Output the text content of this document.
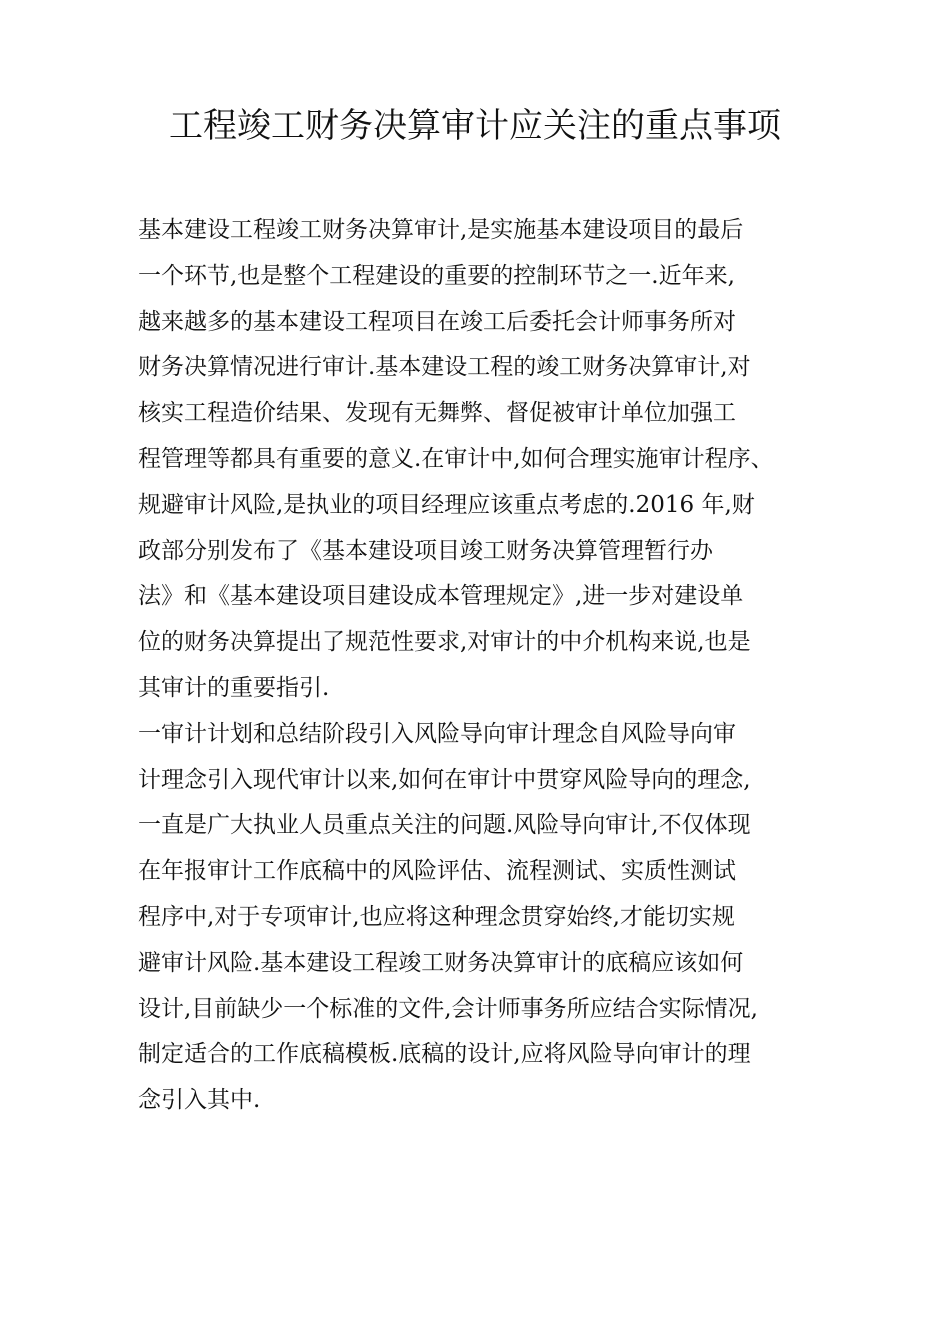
工程竣工财务决算审计应关注的重点事项
基本建设工程竣工财务决算审计,是实施基本建设项目的最后
一个环节,也是整个工程建设的重要的控制环节之一.近年来,
越来越多的基本建设工程项目在竣工后委托会计师事务所对
财务决算情况进行审计.基本建设工程的竣工财务决算审计,对
核实工程造价结果、发现有无舞弊、督促被审计单位加强工
程管理等都具有重要的意义.在审计中,如何合理实施审计程序、
规避审计风险,是执业的项目经理应该重点考虑的.2016 年,财
政部分别发布了《基本建设项目竣工财务决算管理暂行办
法》和《基本建设项目建设成本管理规定》,进一步对建设单
位的财务决算提出了规范性要求,对审计的中介机构来说,也是
其审计的重要指引.
一审计计划和总结阶段引入风险导向审计理念自风险导向审
计理念引入现代审计以来,如何在审计中贯穿风险导向的理念,
一直是广大执业人员重点关注的问题.风险导向审计,不仅体现
在年报审计工作底稿中的风险评估、流程测试、实质性测试
程序中,对于专项审计,也应将这种理念贯穿始终,才能切实规
避审计风险.基本建设工程竣工财务决算审计的底稿应该如何
设计,目前缺少一个标准的文件,会计师事务所应结合实际情况,
制定适合的工作底稿模板.底稿的设计,应将风险导向审计的理
念引入其中.
